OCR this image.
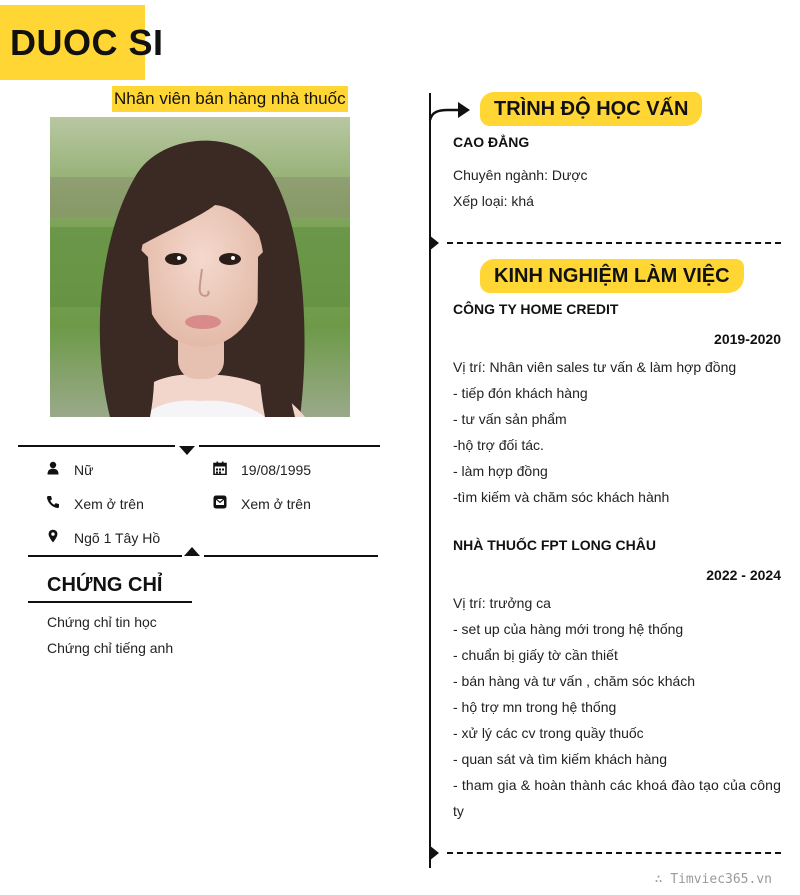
DUOC SI
Nhân viên bán hàng nhà thuốc
Nữ	19/08/1995
Xem ở trên	Xem ở trên
Ngõ 1 Tây Hồ
CHỨNG CHỈ
Chứng chỉ tin học
Chứng chỉ tiếng anh
TRÌNH ĐỘ HỌC VẤN
CAO ĐẲNG
Chuyên ngành: Dược
Xếp loại: khá
KINH NGHIỆM LÀM VIỆC
CÔNG TY HOME CREDIT
2019-2020
Vị trí: Nhân viên sales tư vấn & làm hợp đồng
- tiếp đón khách hàng
- tư vấn sản phẩm
-hộ trợ đối tác.
- làm hợp đồng
-tìm kiếm và chăm sóc khách hành
NHÀ THUỐC FPT LONG CHÂU
2022 - 2024
Vị trí: trưởng ca
- set up của hàng mới trong hệ thống
- chuẩn bị giấy tờ cần thiết
- bán hàng và tư vấn , chăm sóc khách
- hộ trợ mn trong hệ thống
- xử lý các cv trong quầy thuốc
- quan sát và tìm kiếm khách hàng
- tham gia & hoàn thành các khoá đào tạo của công
ty
∴ Timviec365.vn
